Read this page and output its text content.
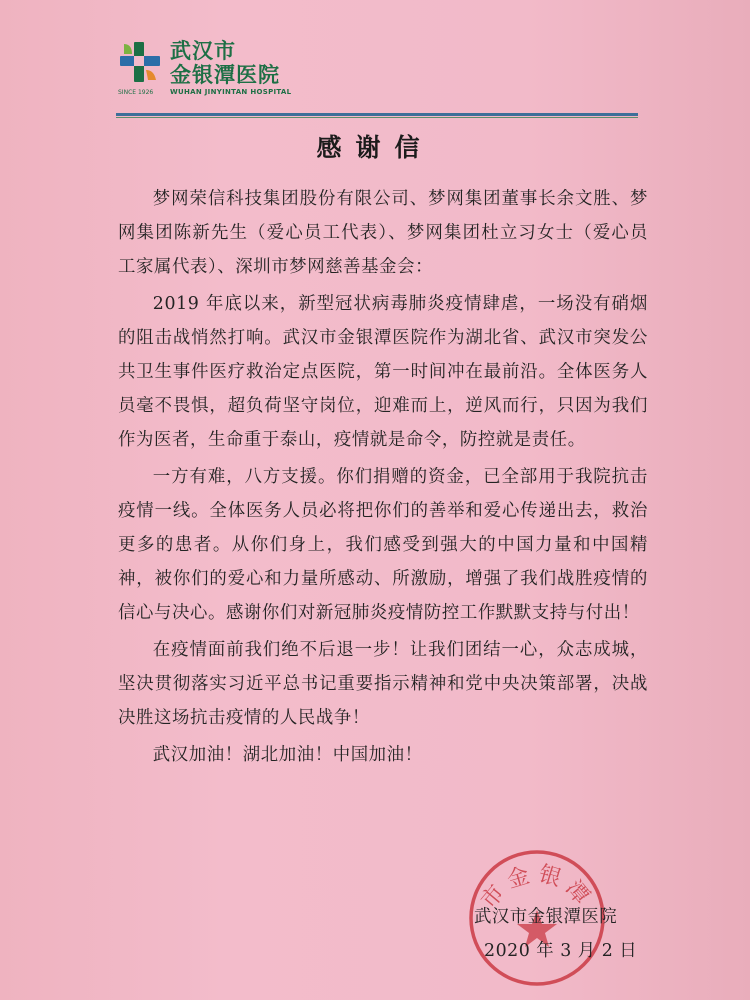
武汉市
金银潭医院
SINCE 1926 WUHAN JINYINTAN HOSPITAL
感谢信

梦网荣信科技集团股份有限公司、梦网集团董事长余文胜、梦网集团陈新先生（爱心员工代表）、梦网集团杜立习女士（爱心员工家属代表）、深圳市梦网慈善基金会：

2019 年底以来，新型冠状病毒肺炎疫情肆虐，一场没有硝烟的阻击战悄然打响。武汉市金银潭医院作为湖北省、武汉市突发公共卫生事件医疗救治定点医院，第一时间冲在最前沿。全体医务人员毫不畏惧，超负荷坚守岗位，迎难而上，逆风而行，只因为我们作为医者，生命重于泰山，疫情就是命令，防控就是责任。

一方有难，八方支援。你们捐赠的资金，已全部用于我院抗击疫情一线。全体医务人员必将把你们的善举和爱心传递出去，救治更多的患者。从你们身上，我们感受到强大的中国力量和中国精神，被你们的爱心和力量所感动、所激励，增强了我们战胜疫情的信心与决心。感谢你们对新冠肺炎疫情防控工作默默支持与付出！

在疫情面前我们绝不后退一步！让我们团结一心，众志成城，坚决贯彻落实习近平总书记重要指示精神和党中央决策部署，决战决胜这场抗击疫情的人民战争！

武汉加油！湖北加油！中国加油！

市金银潭
武汉市金银潭医院
2020 年 3 月 2 日
